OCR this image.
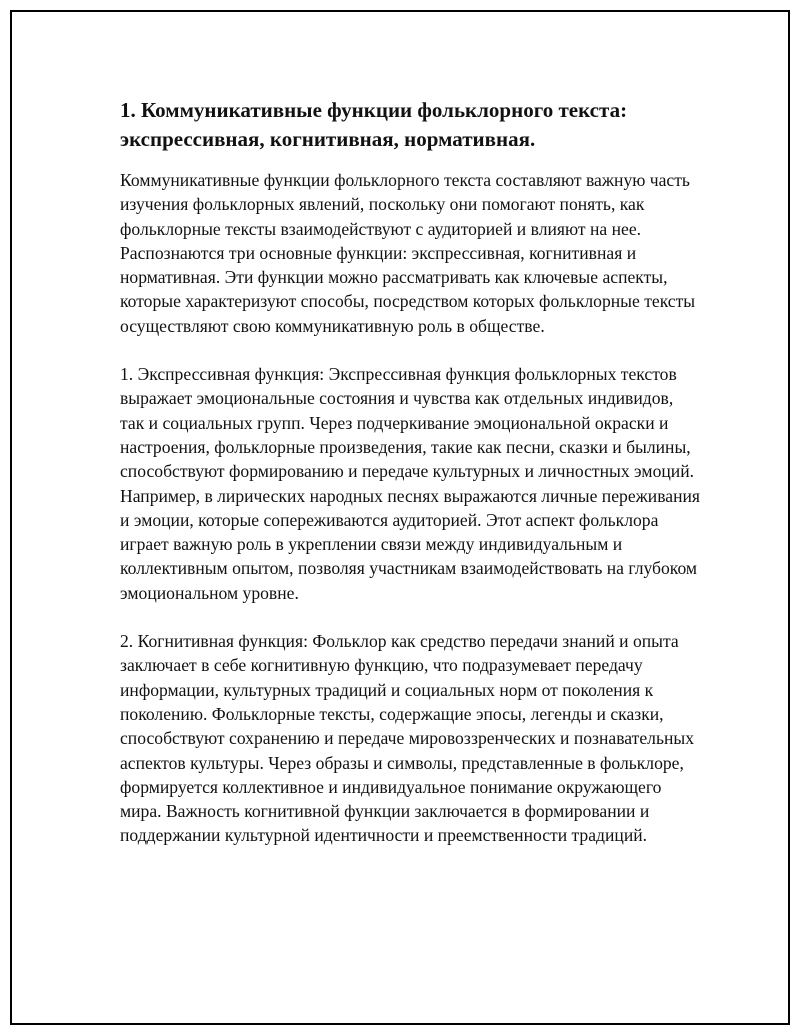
1. Коммуникативные функции фольклорного текста: экспрессивная, когнитивная, нормативная.

Коммуникативные функции фольклорного текста составляют важную часть изучения фольклорных явлений, поскольку они помогают понять, как фольклорные тексты взаимодействуют с аудиторией и влияют на нее. Распознаются три основные функции: экспрессивная, когнитивная и нормативная. Эти функции можно рассматривать как ключевые аспекты, которые характеризуют способы, посредством которых фольклорные тексты осуществляют свою коммуникативную роль в обществе.

1. Экспрессивная функция: Экспрессивная функция фольклорных текстов выражает эмоциональные состояния и чувства как отдельных индивидов, так и социальных групп. Через подчеркивание эмоциональной окраски и настроения, фольклорные произведения, такие как песни, сказки и былины, способствуют формированию и передаче культурных и личностных эмоций. Например, в лирических народных песнях выражаются личные переживания и эмоции, которые сопереживаются аудиторией. Этот аспект фольклора играет важную роль в укреплении связи между индивидуальным и коллективным опытом, позволяя участникам взаимодействовать на глубоком эмоциональном уровне.

2. Когнитивная функция: Фольклор как средство передачи знаний и опыта заключает в себе когнитивную функцию, что подразумевает передачу информации, культурных традиций и социальных норм от поколения к поколению. Фольклорные тексты, содержащие эпосы, легенды и сказки, способствуют сохранению и передаче мировоззренческих и познавательных аспектов культуры. Через образы и символы, представленные в фольклоре, формируется коллективное и индивидуальное понимание окружающего мира. Важность когнитивной функции заключается в формировании и поддержании культурной идентичности и преемственности традиций.
